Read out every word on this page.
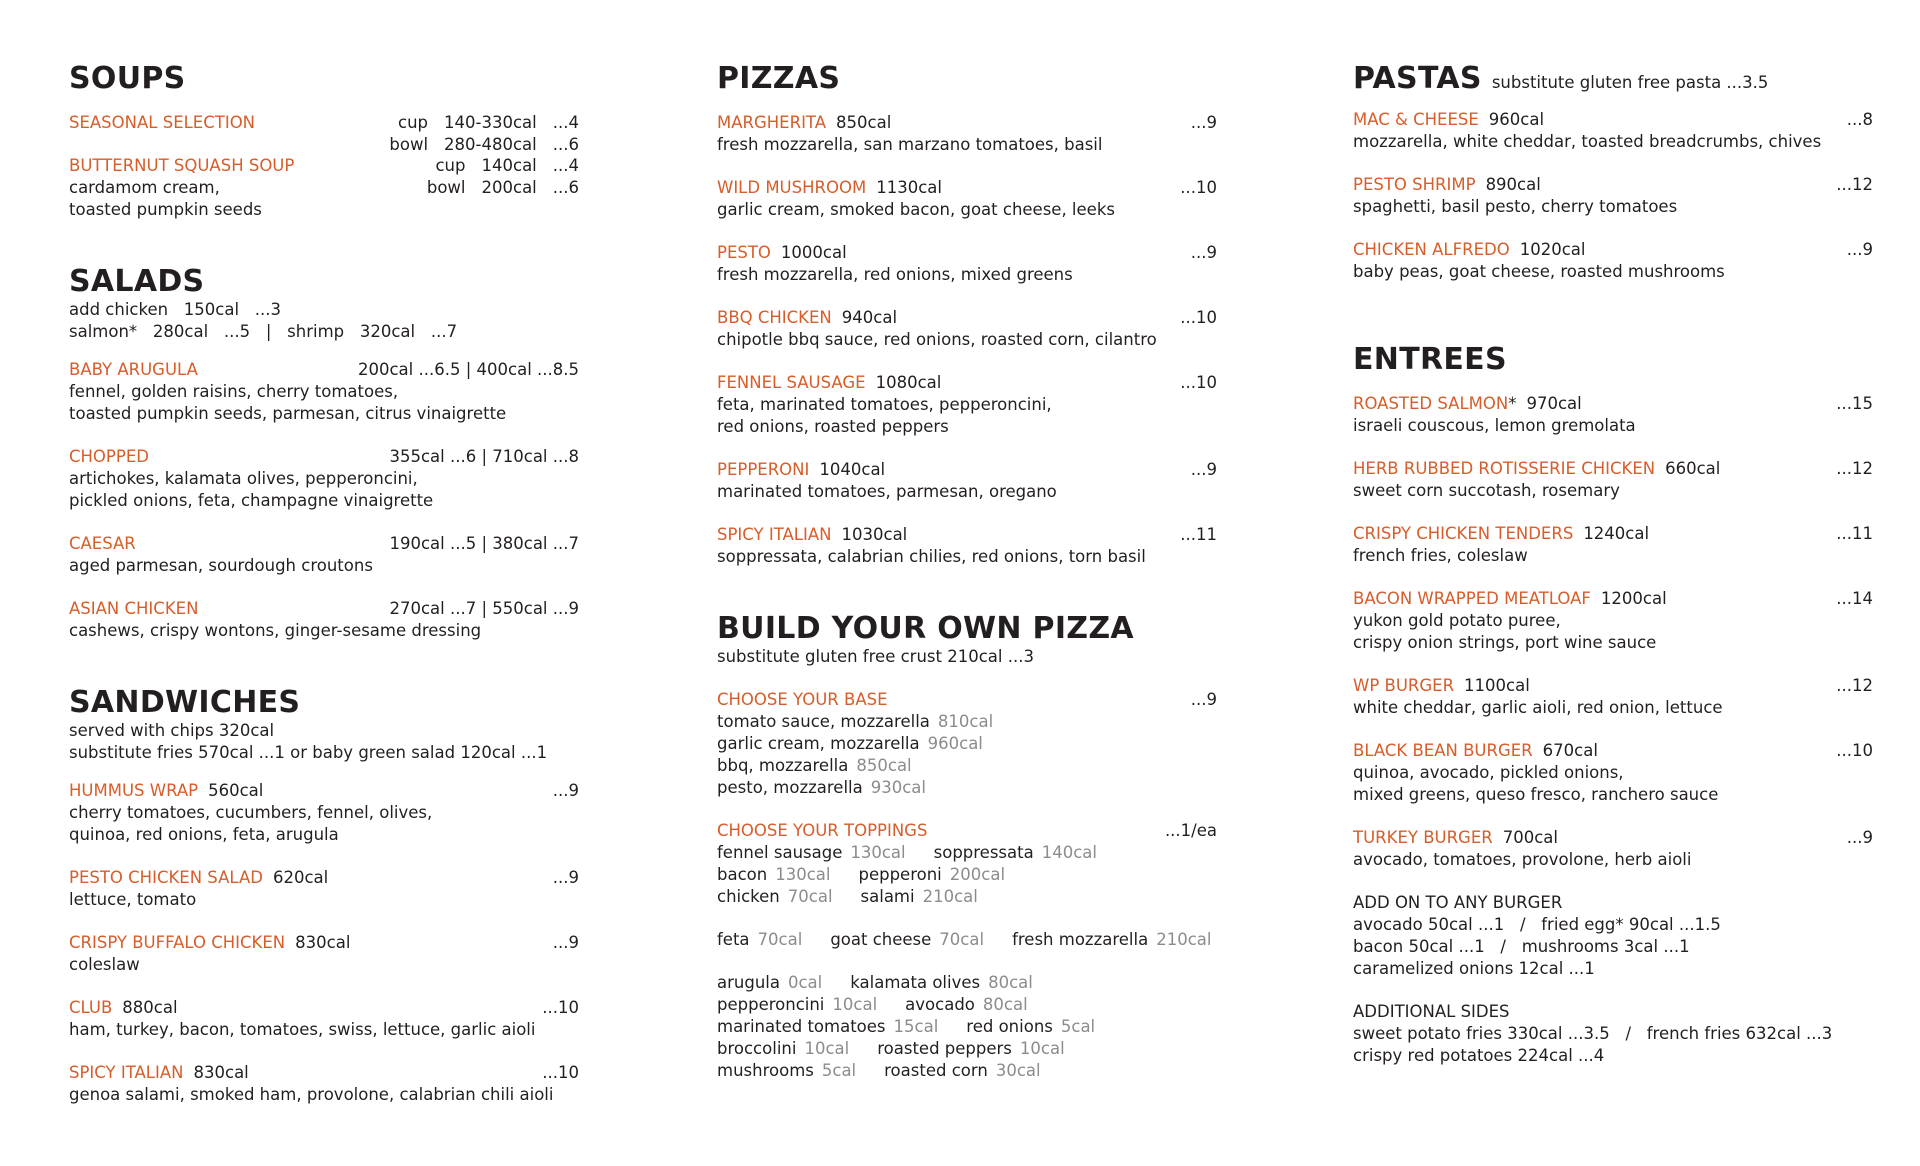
SOUPS
SEASONAL SELECTION	cup	140-330cal	...4
bowl	280-480cal	...6
BUTTERNUT SQUASH SOUP	cup	140cal	...4
bowl	200cal	...6
cardamom cream,
toasted pumpkin seeds
SALADS
add chicken   150cal   ...3
salmon*   280cal   ...5   |   shrimp   320cal   ...7
BABY ARUGULA	200cal ...6.5 | 400cal ...8.5
fennel, golden raisins, cherry tomatoes,
toasted pumpkin seeds, parmesan, citrus vinaigrette
CHOPPED	355cal ...6 | 710cal ...8
artichokes, kalamata olives, pepperoncini,
pickled onions, feta, champagne vinaigrette
CAESAR	190cal ...5 | 380cal ...7
aged parmesan, sourdough croutons
ASIAN CHICKEN	270cal ...7 | 550cal ...9
cashews, crispy wontons, ginger-sesame dressing
SANDWICHES
served with chips 320cal
substitute fries 570cal ...1 or baby green salad 120cal ...1
HUMMUS WRAP 560cal	...9
cherry tomatoes, cucumbers, fennel, olives,
quinoa, red onions, feta, arugula
PESTO CHICKEN SALAD 620cal	...9
lettuce, tomato
CRISPY BUFFALO CHICKEN 830cal	...9
coleslaw
CLUB 880cal	...10
ham, turkey, bacon, tomatoes, swiss, lettuce, garlic aioli
SPICY ITALIAN 830cal	...10
genoa salami, smoked ham, provolone, calabrian chili aioli
PIZZAS
MARGHERITA 850cal	...9
fresh mozzarella, san marzano tomatoes, basil
WILD MUSHROOM 1130cal	...10
garlic cream, smoked bacon, goat cheese, leeks
PESTO 1000cal	...9
fresh mozzarella, red onions, mixed greens
BBQ CHICKEN 940cal	...10
chipotle bbq sauce, red onions, roasted corn, cilantro
FENNEL SAUSAGE 1080cal	...10
feta, marinated tomatoes, pepperoncini,
red onions, roasted peppers
PEPPERONI 1040cal	...9
marinated tomatoes, parmesan, oregano
SPICY ITALIAN 1030cal	...11
soppressata, calabrian chilies, red onions, torn basil
BUILD YOUR OWN PIZZA
substitute gluten free crust 210cal ...3
CHOOSE YOUR BASE	...9
tomato sauce, mozzarella 810cal
garlic cream, mozzarella 960cal
bbq, mozzarella 850cal
pesto, mozzarella 930cal
CHOOSE YOUR TOPPINGS	...1/ea
fennel sausage 130cal soppressata 140cal
bacon 130cal pepperoni 200cal
chicken 70cal salami 210cal
feta 70cal goat cheese 70cal fresh mozzarella 210cal
arugula 0cal kalamata olives 80cal
pepperoncini 10cal avocado 80cal
marinated tomatoes 15cal red onions 5cal
broccolini 10cal roasted peppers 10cal
mushrooms 5cal roasted corn 30cal
PASTAS substitute gluten free pasta ...3.5
MAC & CHEESE 960cal	...8
mozzarella, white cheddar, toasted breadcrumbs, chives
PESTO SHRIMP 890cal	...12
spaghetti, basil pesto, cherry tomatoes
CHICKEN ALFREDO 1020cal	...9
baby peas, goat cheese, roasted mushrooms
ENTREES
ROASTED SALMON * 970cal	...15
israeli couscous, lemon gremolata
HERB RUBBED ROTISSERIE CHICKEN 660cal	...12
sweet corn succotash, rosemary
CRISPY CHICKEN TENDERS 1240cal	...11
french fries, coleslaw
BACON WRAPPED MEATLOAF 1200cal	...14
yukon gold potato puree,
crispy onion strings, port wine sauce
WP BURGER 1100cal	...12
white cheddar, garlic aioli, red onion, lettuce
BLACK BEAN BURGER 670cal	...10
quinoa, avocado, pickled onions,
mixed greens, queso fresco, ranchero sauce
TURKEY BURGER 700cal	...9
avocado, tomatoes, provolone, herb aioli
ADD ON TO ANY BURGER
avocado 50cal ...1   /   fried egg* 90cal ...1.5
bacon 50cal ...1   /   mushrooms 3cal ...1
caramelized onions 12cal ...1
ADDITIONAL SIDES
sweet potato fries 330cal ...3.5   /   french fries 632cal ...3
crispy red potatoes 224cal ...4
